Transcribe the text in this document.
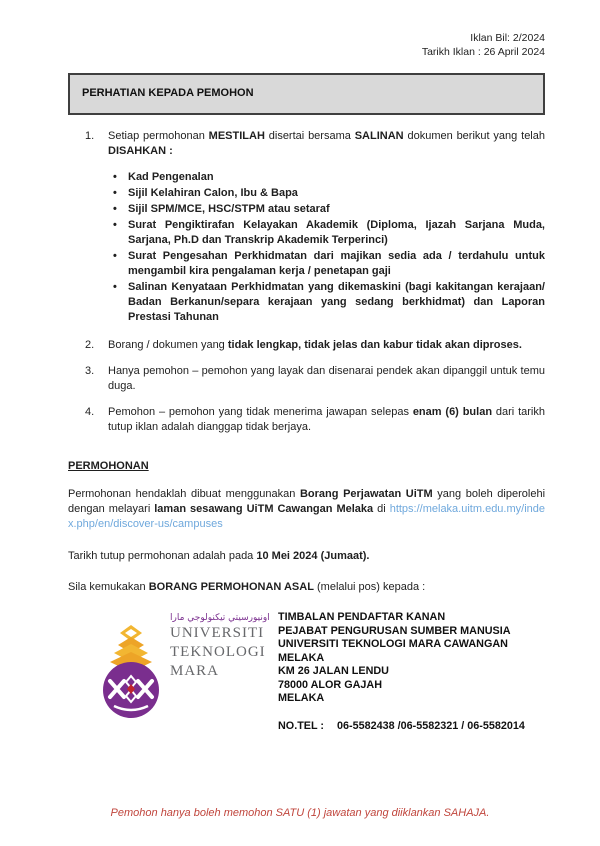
Iklan Bil: 2/2024
Tarikh Iklan : 26 April 2024
PERHATIAN KEPADA PEMOHON
1.	Setiap permohonan MESTILAH disertai bersama SALINAN dokumen berikut yang telah DISAHKAN :
•	Kad Pengenalan
•	Sijil Kelahiran Calon, Ibu & Bapa
•	Sijil SPM/MCE, HSC/STPM atau setaraf
•	Surat Pengiktirafan Kelayakan Akademik (Diploma, Ijazah Sarjana Muda, Sarjana, Ph.D dan Transkrip Akademik Terperinci)
•	Surat Pengesahan Perkhidmatan dari majikan sedia ada / terdahulu untuk mengambil kira pengalaman kerja / penetapan gaji
•	Salinan Kenyataan Perkhidmatan yang dikemaskini (bagi kakitangan kerajaan/ Badan Berkanun/separa kerajaan yang sedang berkhidmat) dan Laporan Prestasi Tahunan
2.	Borang / dokumen yang tidak lengkap, tidak jelas dan kabur tidak akan diproses.
3.	Hanya pemohon – pemohon yang layak dan disenarai pendek akan dipanggil untuk temu duga.
4.	Pemohon – pemohon yang tidak menerima jawapan selepas enam (6) bulan dari tarikh tutup iklan adalah dianggap tidak berjaya.
PERMOHONAN
Permohonan hendaklah dibuat menggunakan Borang Perjawatan UiTM yang boleh diperolehi dengan melayari laman sesawang UiTM Cawangan Melaka di https://melaka.uitm.edu.my/index.php/en/discover-us/campuses
Tarikh tutup permohonan adalah pada 10 Mei 2024 (Jumaat).
Sila kemukakan BORANG PERMOHONAN ASAL (melalui pos) kepada :
اونيورسيتي تيكنولوجي مارا
UNIVERSITI
TEKNOLOGI
MARA
TIMBALAN PENDAFTAR KANAN
PEJABAT PENGURUSAN SUMBER MANUSIA
UNIVERSITI TEKNOLOGI MARA CAWANGAN
MELAKA
KM 26 JALAN LENDU
78000 ALOR GAJAH
MELAKA
NO.TEL : 06-5582438 /06-5582321 / 06-5582014
Pemohon hanya boleh memohon SATU (1) jawatan yang diiklankan SAHAJA.
